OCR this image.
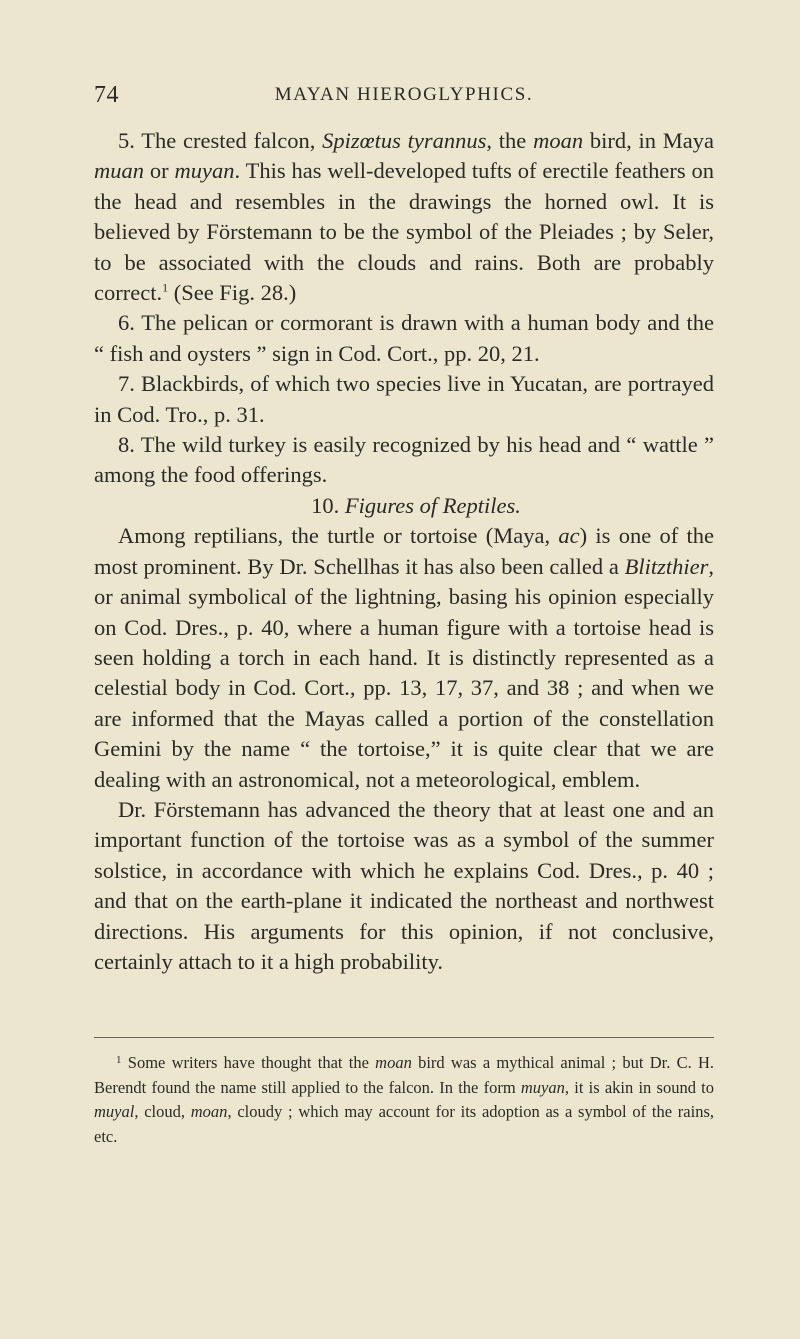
74	MAYAN HIEROGLYPHICS.

5. The crested falcon, Spizœtus tyrannus, the moan bird, in Maya muan or muyan. This has well-developed tufts of erectile feathers on the head and resembles in the drawings the horned owl. It is believed by Förstemann to be the symbol of the Pleiades ; by Seler, to be associated with the clouds and rains. Both are probably correct.$^1$ (See Fig. 28.)

6. The pelican or cormorant is drawn with a human body and the “ fish and oysters ” sign in Cod. Cort., pp. 20, 21.

7. Blackbirds, of which two species live in Yucatan, are portrayed in Cod. Tro., p. 31.

8. The wild turkey is easily recognized by his head and “ wattle ” among the food offerings.

10. Figures of Reptiles.

Among reptilians, the turtle or tortoise (Maya, ac) is one of the most prominent. By Dr. Schellhas it has also been called a Blitzthier, or animal symbolical of the lightning, basing his opinion especially on Cod. Dres., p. 40, where a human figure with a tortoise head is seen holding a torch in each hand. It is distinctly represented as a celestial body in Cod. Cort., pp. 13, 17, 37, and 38 ; and when we are informed that the Mayas called a portion of the constellation Gemini by the name “ the tortoise,” it is quite clear that we are dealing with an astronomical, not a meteorological, emblem.

Dr. Förstemann has advanced the theory that at least one and an important function of the tortoise was as a symbol of the summer solstice, in accordance with which he explains Cod. Dres., p. 40 ; and that on the earth-plane it indicated the northeast and northwest directions. His arguments for this opinion, if not conclusive, certainly attach to it a high probability.

$^1$ Some writers have thought that the moan bird was a mythical animal ; but Dr. C. H. Berendt found the name still applied to the falcon. In the form muyan, it is akin in sound to muyal, cloud, moan, cloudy ; which may account for its adoption as a symbol of the rains, etc.
